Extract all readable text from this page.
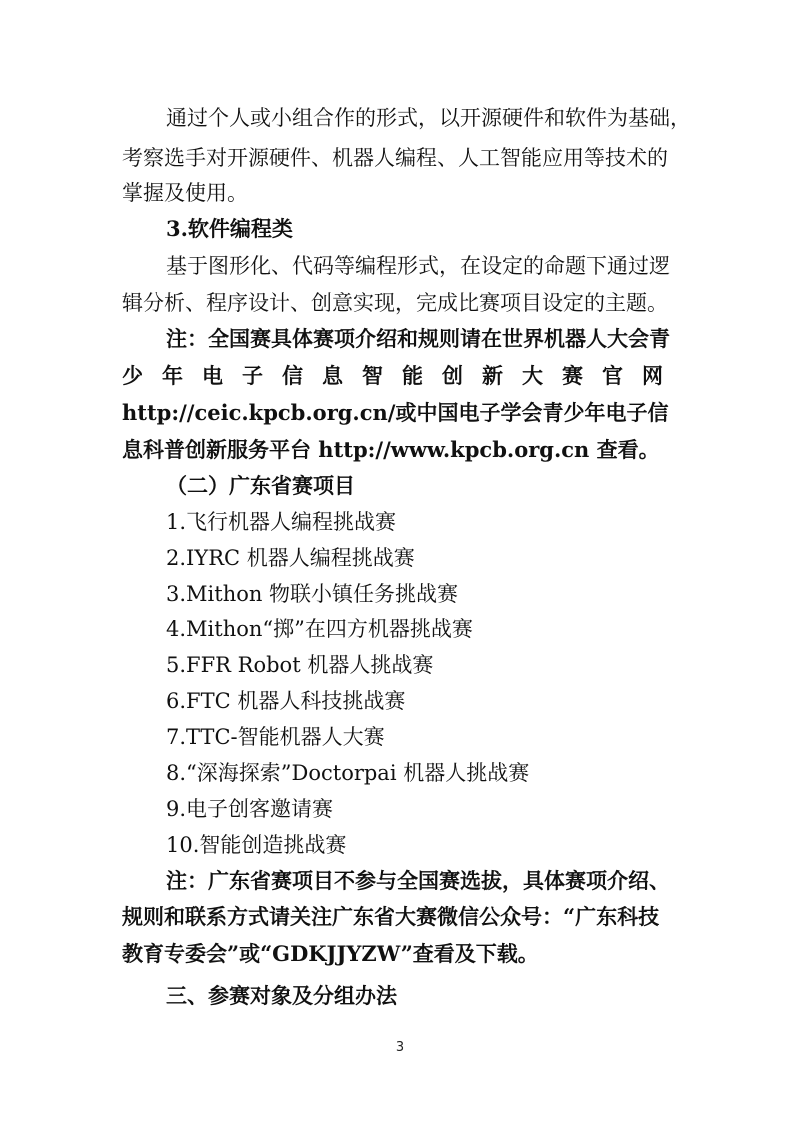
通过个人或小组合作的形式，以开源硬件和软件为基础，
考察选手对开源硬件、机器人编程、人工智能应用等技术的
掌握及使用。
3.软件编程类
基于图形化、代码等编程形式，在设定的命题下通过逻
辑分析、程序设计、创意实现，完成比赛项目设定的主题。
注：全国赛具体赛项介绍和规则请在世界机器人大会青
少年电子信息智能创新大赛官网
http://ceic.kpcb.org.cn/或中国电子学会青少年电子信
息科普创新服务平台 http://www.kpcb.org.cn 查看。
（二）广东省赛项目
1.飞行机器人编程挑战赛
2.IYRC 机器人编程挑战赛
3.Mithon 物联小镇任务挑战赛
4.Mithon“掷”在四方机器挑战赛
5.FFR Robot 机器人挑战赛
6.FTC 机器人科技挑战赛
7.TTC-智能机器人大赛
8.“深海探索”Doctorpai 机器人挑战赛
9.电子创客邀请赛
10.智能创造挑战赛
注：广东省赛项目不参与全国赛选拔，具体赛项介绍、
规则和联系方式请关注广东省大赛微信公众号：“广东科技
教育专委会”或“GDKJJYZW”查看及下载。
三、参赛对象及分组办法
3
